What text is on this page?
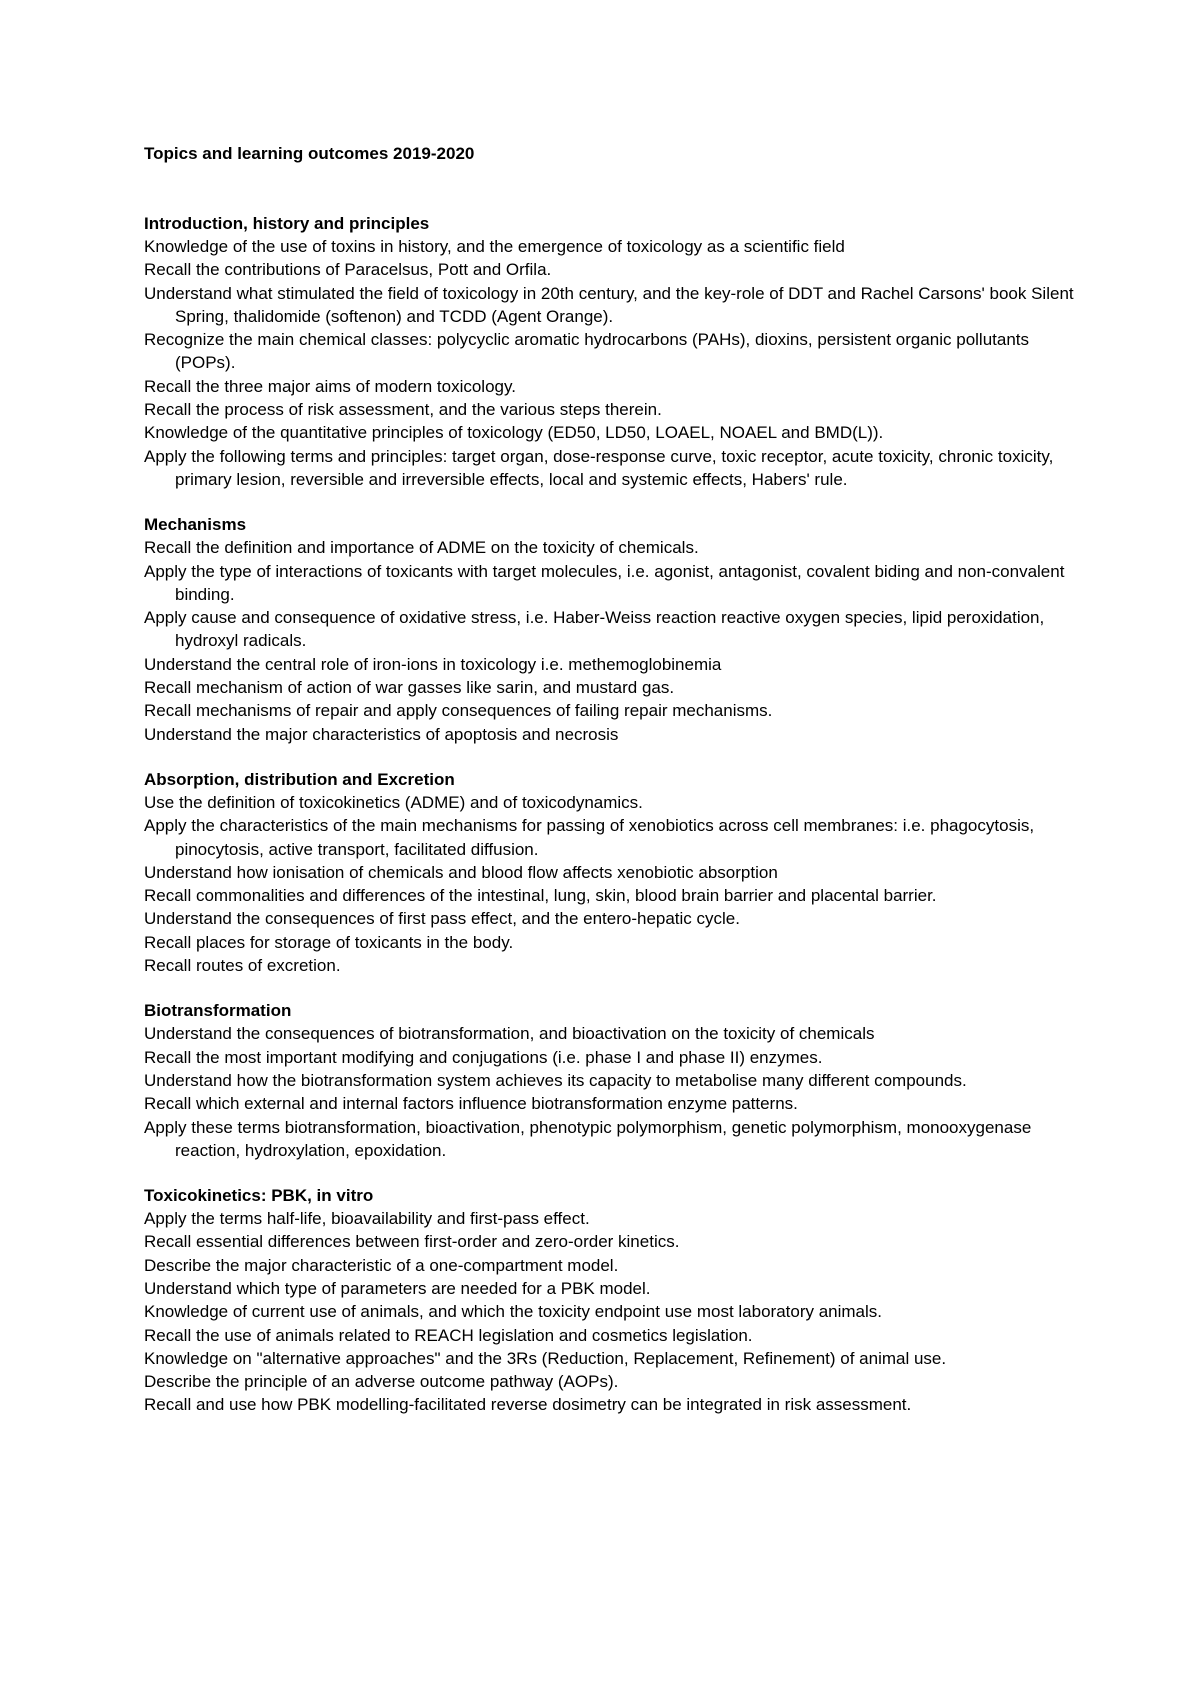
Topics and learning outcomes 2019-2020
Introduction, history and principles
Knowledge of the use of toxins in history, and the emergence of toxicology as a scientific field
Recall the contributions of Paracelsus, Pott and Orfila.
Understand what stimulated the field of toxicology in 20th century, and the key-role of DDT and Rachel Carsons' book Silent Spring, thalidomide (softenon) and TCDD (Agent Orange).
Recognize the main chemical classes: polycyclic aromatic hydrocarbons (PAHs), dioxins, persistent organic pollutants (POPs).
Recall the three major aims of modern toxicology.
Recall the process of risk assessment, and the various steps therein.
Knowledge of the quantitative principles of toxicology (ED50, LD50, LOAEL, NOAEL and BMD(L)).
Apply the following terms and principles: target organ, dose-response curve, toxic receptor, acute toxicity, chronic toxicity, primary lesion, reversible and irreversible effects, local and systemic effects, Habers' rule.
Mechanisms
Recall the definition and importance of ADME on the toxicity of chemicals.
Apply the type of interactions of toxicants with target molecules, i.e. agonist, antagonist, covalent biding and non-convalent binding.
Apply cause and consequence of oxidative stress, i.e. Haber-Weiss reaction reactive oxygen species, lipid peroxidation, hydroxyl radicals.
Understand the central role of iron-ions in toxicology i.e. methemoglobinemia
Recall mechanism of action of war gasses like sarin, and mustard gas.
Recall mechanisms of repair and apply consequences of failing repair mechanisms.
Understand the major characteristics of apoptosis and necrosis
Absorption, distribution and Excretion
Use the definition of toxicokinetics (ADME) and of toxicodynamics.
Apply the characteristics of the main mechanisms for passing of xenobiotics across cell membranes: i.e. phagocytosis, pinocytosis, active transport, facilitated diffusion.
Understand how ionisation of chemicals and blood flow affects xenobiotic absorption
Recall commonalities and differences of the intestinal, lung, skin, blood brain barrier and placental barrier.
Understand the consequences of first pass effect, and the entero-hepatic cycle.
Recall places for storage of toxicants in the body.
Recall routes of excretion.
Biotransformation
Understand the consequences of biotransformation, and bioactivation on the toxicity of chemicals
Recall the most important modifying and conjugations (i.e. phase I and phase II) enzymes.
Understand how the biotransformation system achieves its capacity to metabolise many different compounds.
Recall which external and internal factors influence biotransformation enzyme patterns.
Apply these terms biotransformation, bioactivation, phenotypic polymorphism, genetic polymorphism, monooxygenase reaction, hydroxylation, epoxidation.
Toxicokinetics: PBK, in vitro
Apply the terms half-life, bioavailability and first-pass effect.
Recall essential differences between first-order and zero-order kinetics.
Describe the major characteristic of a one-compartment model.
Understand which type of parameters are needed for a PBK model.
Knowledge of current use of animals, and which the toxicity endpoint use most laboratory animals.
Recall the use of animals related to REACH legislation and cosmetics legislation.
Knowledge on "alternative approaches" and the 3Rs (Reduction, Replacement, Refinement) of animal use.
Describe the principle of an adverse outcome pathway (AOPs).
Recall and use how PBK modelling-facilitated reverse dosimetry can be integrated in risk assessment.
